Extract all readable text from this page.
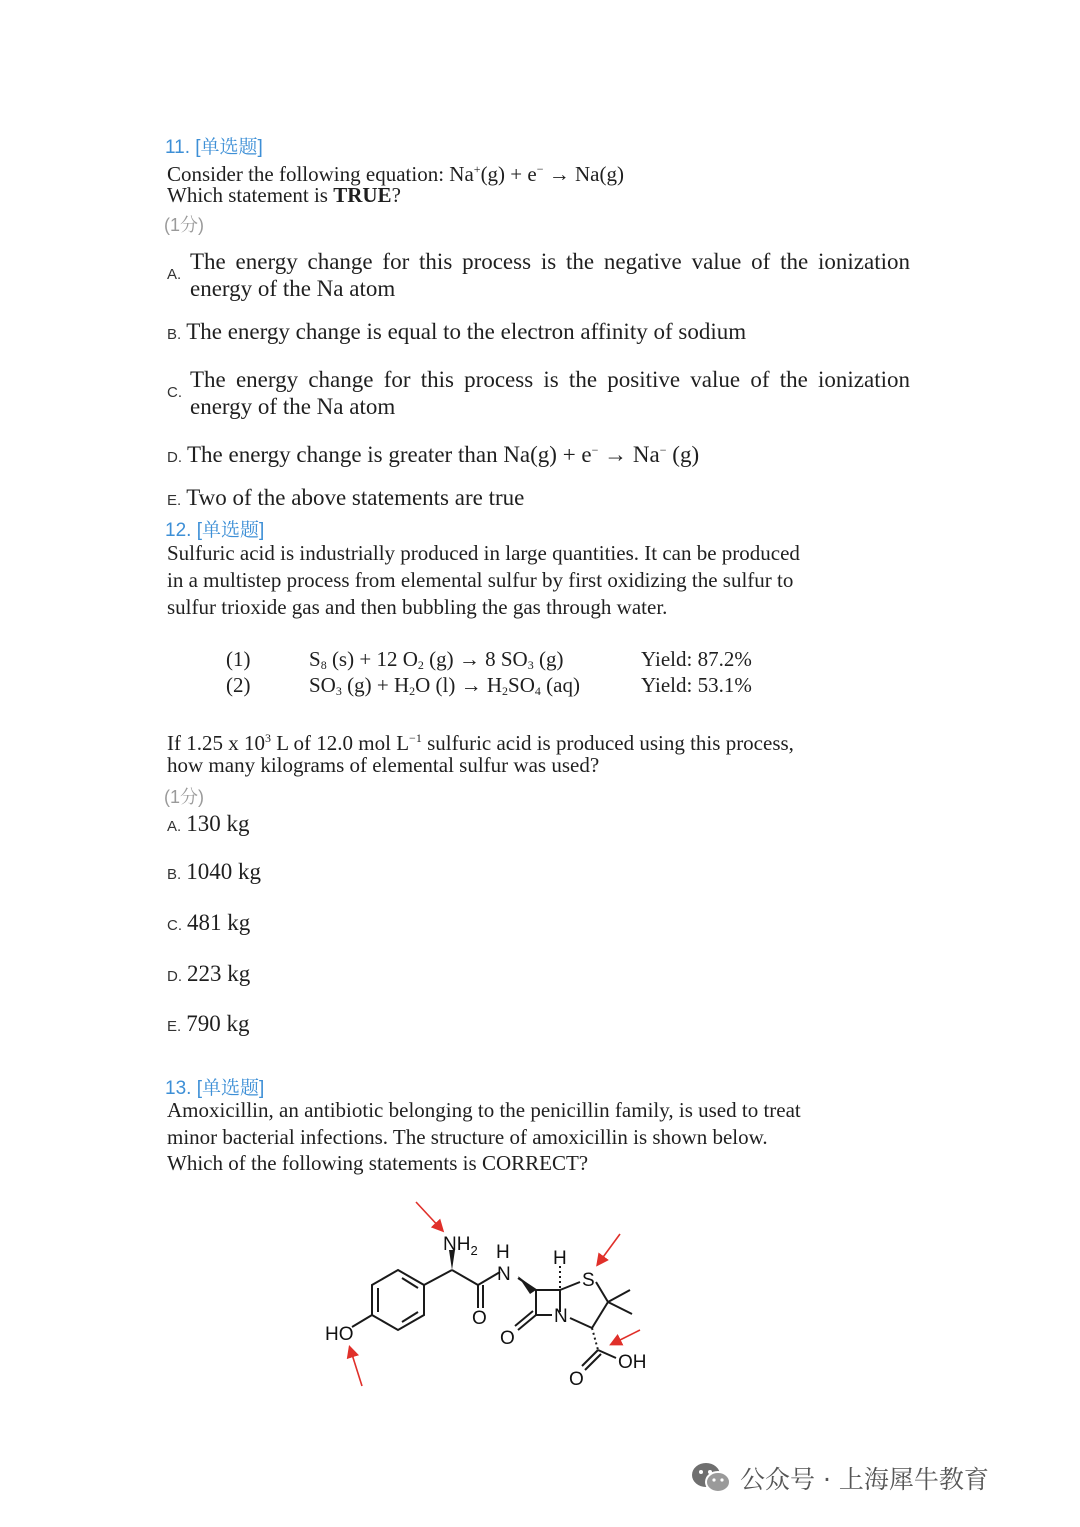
11. [单选题]
Consider the following equation: Na+(g) + e− → Na(g)
Which statement is TRUE?
(1分)
A.
The energy change for this process is the negative value of the ionization energy of the Na atom
B. The energy change is equal to the electron affinity of sodium
C.
The energy change for this process is the positive value of the ionization energy of the Na atom
D. The energy change is greater than Na(g) + e− → Na− (g)
E. Two of the above statements are true
12. [单选题]
Sulfuric acid is industrially produced in large quantities. It can be produced
in a multistep process from elemental sulfur by first oxidizing the sulfur to
sulfur trioxide gas and then bubbling the gas through water.
(1)	$S_8$ (s) + 12 $O_2$ (g) → 8 $SO_3$ (g)	Yield: 87.2%
(2)	$SO_3$ $(g) + H_2O$ $(l) \to H_2SO_4$ (aq)	Yield: 53.1%
If 1.25 x $10^3$ L of 12.0 mol $L^{-1}$ sulfuric acid is produced using this process,
how many kilograms of elemental sulfur was used?
(1分)
A. 130 kg
B. 1040 kg
C. 481 kg
D. 223 kg
E. 790 kg
13. [单选题]
Amoxicillin, an antibiotic belonging to the penicillin family, is used to treat
minor bacterial infections. The structure of amoxicillin is shown below.
Which of the following statements is CORRECT?
$NH_2$ H
N
H
S
O
O
N
HO
O
OH
公众号 · 上海犀牛教育
